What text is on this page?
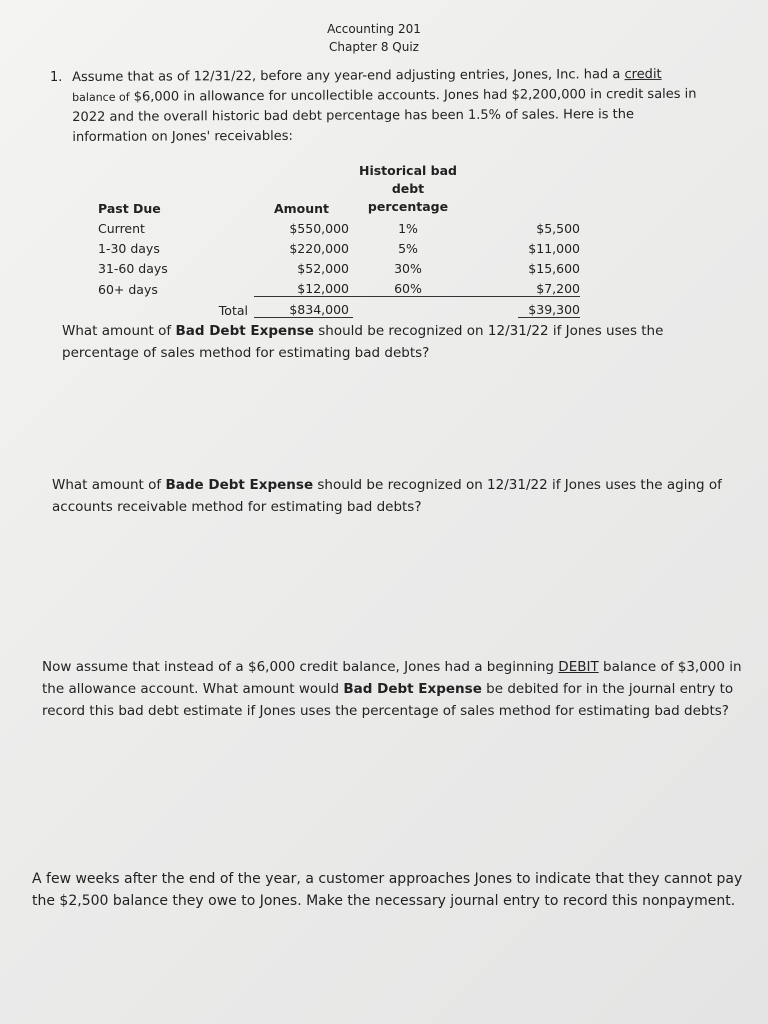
Accounting 201
Chapter 8 Quiz
1. Assume that as of 12/31/22, before any year-end adjusting entries, Jones, Inc. had a credit balance of $6,000 in allowance for uncollectible accounts. Jones had $2,200,000 in credit sales in 2022 and the overall historic bad debt percentage has been 1.5% of sales. Here is the information on Jones' receivables:
Past Due		Amount	Historical bad debt
percentage		

Current		$550,000	1%		$5,500
1-30 days		$220,000	5%		$11,000
31-60 days		$52,000	30%		$15,600
60+ days		$12,000	60%		$7,200
	Total	$834,000			$39,300
What amount of Bad Debt Expense should be recognized on 12/31/22 if Jones uses the percentage of sales method for estimating bad debts?
What amount of Bade Debt Expense should be recognized on 12/31/22 if Jones uses the aging of accounts receivable method for estimating bad debts?
Now assume that instead of a $6,000 credit balance, Jones had a beginning DEBIT balance of $3,000 in the allowance account. What amount would Bad Debt Expense be debited for in the journal entry to record this bad debt estimate if Jones uses the percentage of sales method for estimating bad debts?
A few weeks after the end of the year, a customer approaches Jones to indicate that they cannot pay the $2,500 balance they owe to Jones. Make the necessary journal entry to record this nonpayment.
